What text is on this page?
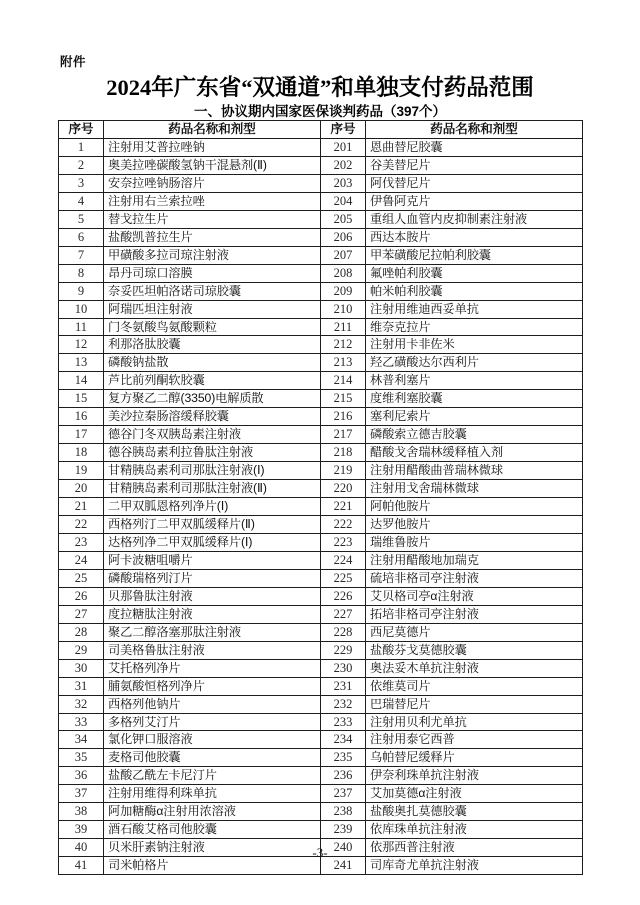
附件
2024年广东省“双通道”和单独支付药品范围
一、协议期内国家医保谈判药品（397个）
序号	药品名称和剂型	序号	药品名称和剂型
1	注射用艾普拉唑钠	201	恩曲替尼胶囊
2	奥美拉唑碳酸氢钠干混悬剂(Ⅱ)	202	谷美替尼片
3	安奈拉唑钠肠溶片	203	阿伐替尼片
4	注射用右兰索拉唑	204	伊鲁阿克片
5	替戈拉生片	205	重组人血管内皮抑制素注射液
6	盐酸凯普拉生片	206	西达本胺片
7	甲磺酸多拉司琼注射液	207	甲苯磺酸尼拉帕利胶囊
8	昂丹司琼口溶膜	208	氟唑帕利胶囊
9	奈妥匹坦帕洛诺司琼胶囊	209	帕米帕利胶囊
10	阿瑞匹坦注射液	210	注射用维迪西妥单抗
11	门冬氨酸鸟氨酸颗粒	211	维奈克拉片
12	利那洛肽胶囊	212	注射用卡非佐米
13	磷酸钠盐散	213	羟乙磺酸达尔西利片
14	芦比前列酮软胶囊	214	林普利塞片
15	复方聚乙二醇(3350)电解质散	215	度维利塞胶囊
16	美沙拉秦肠溶缓释胶囊	216	塞利尼索片
17	德谷门冬双胰岛素注射液	217	磷酸索立德吉胶囊
18	德谷胰岛素利拉鲁肽注射液	218	醋酸戈舍瑞林缓释植入剂
19	甘精胰岛素利司那肽注射液(Ⅰ)	219	注射用醋酸曲普瑞林微球
20	甘精胰岛素利司那肽注射液(Ⅱ)	220	注射用戈舍瑞林微球
21	二甲双胍恩格列净片(Ⅰ)	221	阿帕他胺片
22	西格列汀二甲双胍缓释片(Ⅱ)	222	达罗他胺片
23	达格列净二甲双胍缓释片(Ⅰ)	223	瑞维鲁胺片
24	阿卡波糖咀嚼片	224	注射用醋酸地加瑞克
25	磷酸瑞格列汀片	225	硫培非格司亭注射液
26	贝那鲁肽注射液	226	艾贝格司亭α注射液
27	度拉糖肽注射液	227	拓培非格司亭注射液
28	聚乙二醇洛塞那肽注射液	228	西尼莫德片
29	司美格鲁肽注射液	229	盐酸芬戈莫德胶囊
30	艾托格列净片	230	奥法妥木单抗注射液
31	脯氨酸恒格列净片	231	依维莫司片
32	西格列他钠片	232	巴瑞替尼片
33	多格列艾汀片	233	注射用贝利尤单抗
34	氯化钾口服溶液	234	注射用泰它西普
35	麦格司他胶囊	235	乌帕替尼缓释片
36	盐酸乙酰左卡尼汀片	236	伊奈利珠单抗注射液
37	注射用维得利珠单抗	237	艾加莫德α注射液
38	阿加糖酶α注射用浓溶液	238	盐酸奥扎莫德胶囊
39	酒石酸艾格司他胶囊	239	依库珠单抗注射液
40	贝米肝素钠注射液	240	依那西普注射液
41	司米帕格片	241	司库奇尤单抗注射液
-3-
